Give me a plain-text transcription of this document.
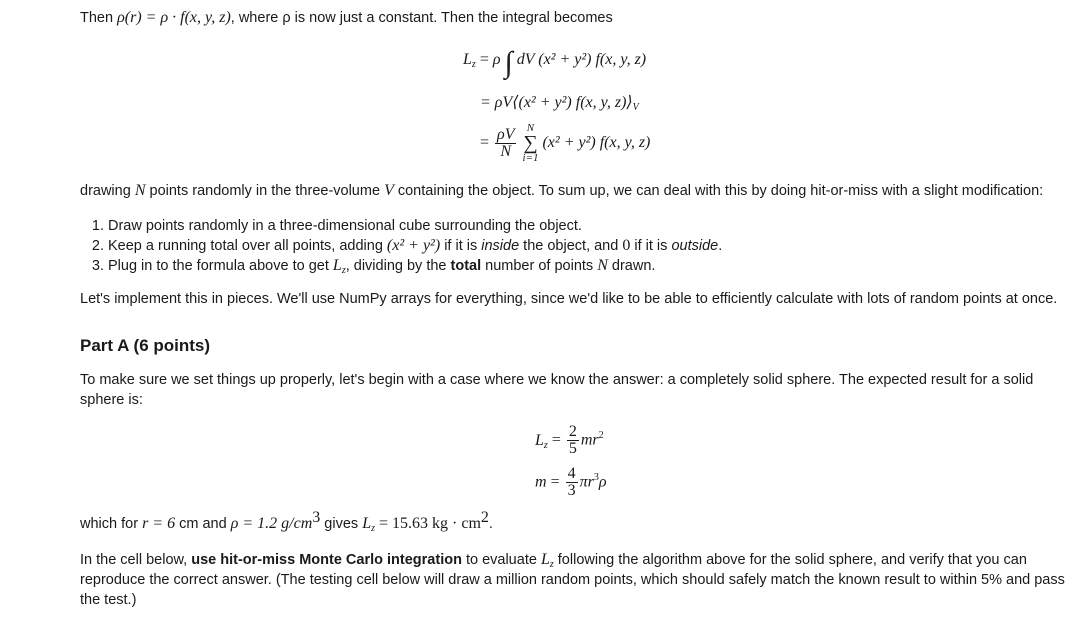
Then ρ(r) = ρ · f(x, y, z), where ρ is now just a constant. Then the integral becomes
$L_z = \rho$ ∫ dV (x² + y²) f(x, y, z)
= ρV⟨(x² + y²) f(x, y, $z)⟩_V$
= $\frac{\rho V}{N}$
N
∑
i=1
(x² + y²) f(x, y, z)
drawing N points randomly in the three-volume V containing the object. To sum up, we can deal with this by doing hit-or-miss with a slight modification:
1. Draw points randomly in a three-dimensional cube surrounding the object.
2. Keep a running total over all points, adding (x² + y²) if it is inside the object, and 0 if it is outside.
3. Plug in to the formula above to get $L_z$, dividing by the total number of points N drawn.
Let's implement this in pieces. We'll use NumPy arrays for everything, since we'd like to be able to efficiently calculate with lots of random points at once.
Part A (6 points)
To make sure we set things up properly, let's begin with a case where we know the answer: a completely solid sphere. The expected result for a solid sphere is:
$L_z = \frac{2}{5} mr^2$
$m = \frac{4}{3} \pi r^3\rho$
which for r = 6 cm and ρ = 1.2 $g/cm^3$ gives $L_z = 15.63$ kg · $cm^2$.
In the cell below, use hit-or-miss Monte Carlo integration to evaluate $L_z$ following the algorithm above for the solid sphere, and verify that you can reproduce the correct answer. (The testing cell below will draw a million random points, which should safely match the known result to within 5% and pass the test.)
